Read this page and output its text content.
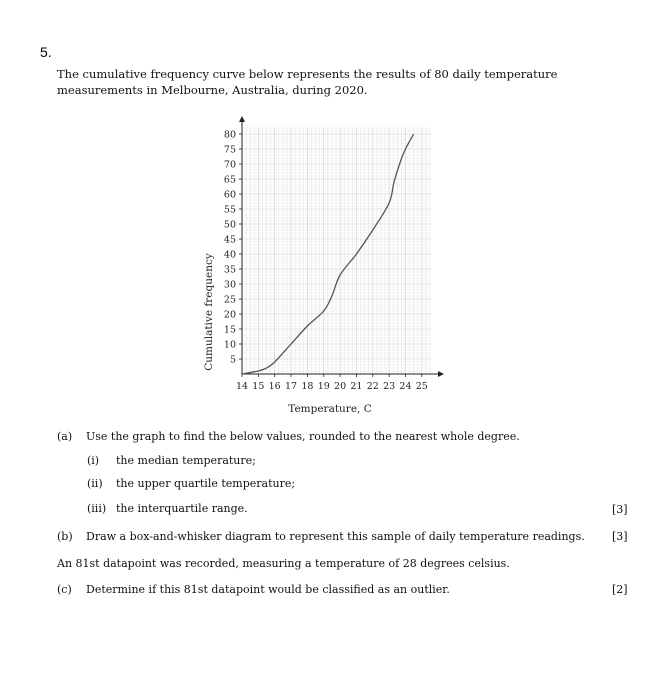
5.
The cumulative frequency curve below represents the results of 80 daily temperature measurements in Melbourne, Australia, during 2020.
5
10
15
20
25
30
35
40
45
50
55
60
65
70
75
80
14 15 16 17 18 19 20 21 22 23 24 25
Cumulative frequency
Temperature, C
(a) Use the graph to find the below values, rounded to the nearest whole degree.
(i) the median temperature;
(ii) the upper quartile temperature;
(iii) the interquartile range.	[3]
(b) Draw a box-and-whisker diagram to represent this sample of daily temperature readings. [3]
An 81st datapoint was recorded, measuring a temperature of 28 degrees celsius.
(c) Determine if this 81st datapoint would be classified as an outlier.	[2]
